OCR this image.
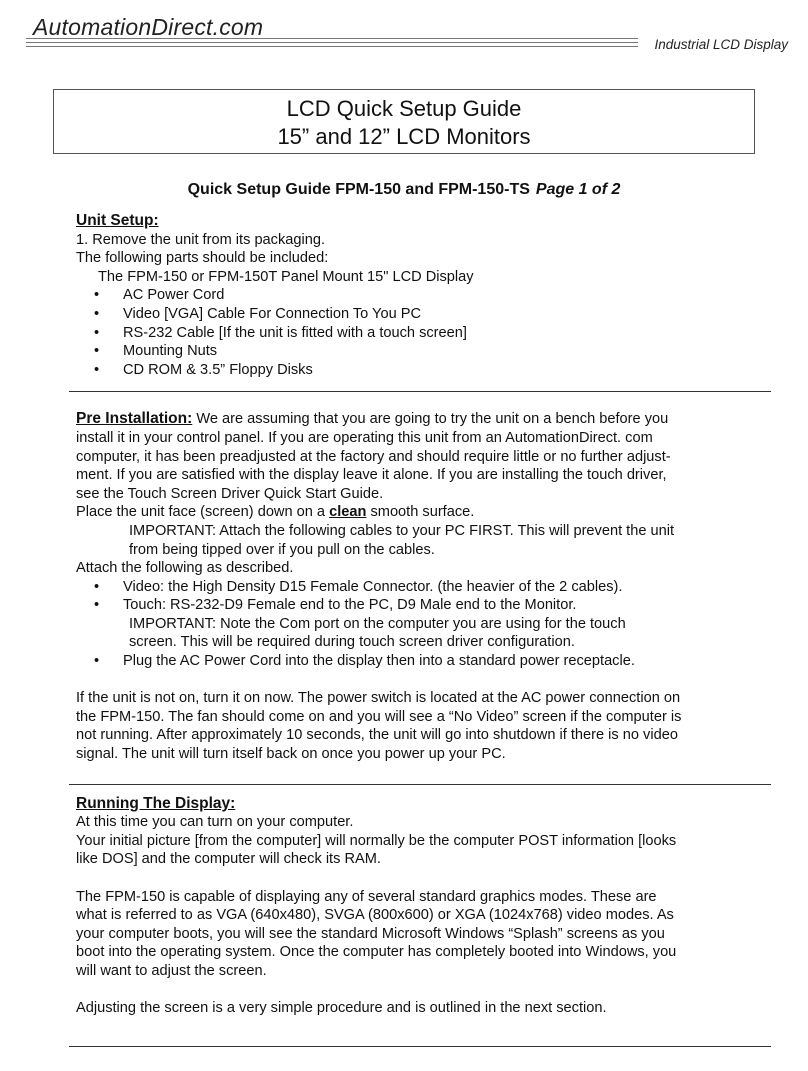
AutomationDirect.com
Industrial LCD Display
LCD Quick Setup Guide
15” and 12” LCD Monitors
Quick Setup Guide FPM-150 and FPM-150-TS Page 1 of 2

Unit Setup:

1. Remove the unit from its packaging.

The following parts should be included:

The FPM-150 or FPM-150T Panel Mount 15" LCD Display

• AC Power Cord

• Video [VGA] Cable For Connection To You PC

• RS-232 Cable [If the unit is fitted with a touch screen]

• Mounting Nuts

• CD ROM & 3.5” Floppy Disks

Pre Installation: We are assuming that you are going to try the unit on a bench before you

install it in your control panel. If you are operating this unit from an AutomationDirect. com

computer, it has been preadjusted at the factory and should require little or no further adjust-

ment. If you are satisfied with the display leave it alone. If you are installing the touch driver,

see the Touch Screen Driver Quick Start Guide.

Place the unit face (screen) down on a clean smooth surface.

IMPORTANT: Attach the following cables to your PC FIRST. This will prevent the unit

from being tipped over if you pull on the cables.

Attach the following as described.

• Video: the High Density D15 Female Connector. (the heavier of the 2 cables).

• Touch: RS-232-D9 Female end to the PC, D9 Male end to the Monitor.

IMPORTANT: Note the Com port on the computer you are using for the touch

screen. This will be required during touch screen driver configuration.

• Plug the AC Power Cord into the display then into a standard power receptacle.

If the unit is not on, turn it on now. The power switch is located at the AC power connection on

the FPM-150. The fan should come on and you will see a “No Video” screen if the computer is

not running. After approximately 10 seconds, the unit will go into shutdown if there is no video

signal. The unit will turn itself back on once you power up your PC.

Running The Display:

At this time you can turn on your computer.

Your initial picture [from the computer] will normally be the computer POST information [looks

like DOS] and the computer will check its RAM.

The FPM-150 is capable of displaying any of several standard graphics modes. These are

what is referred to as VGA (640x480), SVGA (800x600) or XGA (1024x768) video modes. As

your computer boots, you will see the standard Microsoft Windows “Splash” screens as you

boot into the operating system. Once the computer has completely booted into Windows, you

will want to adjust the screen.

Adjusting the screen is a very simple procedure and is outlined in the next section.
